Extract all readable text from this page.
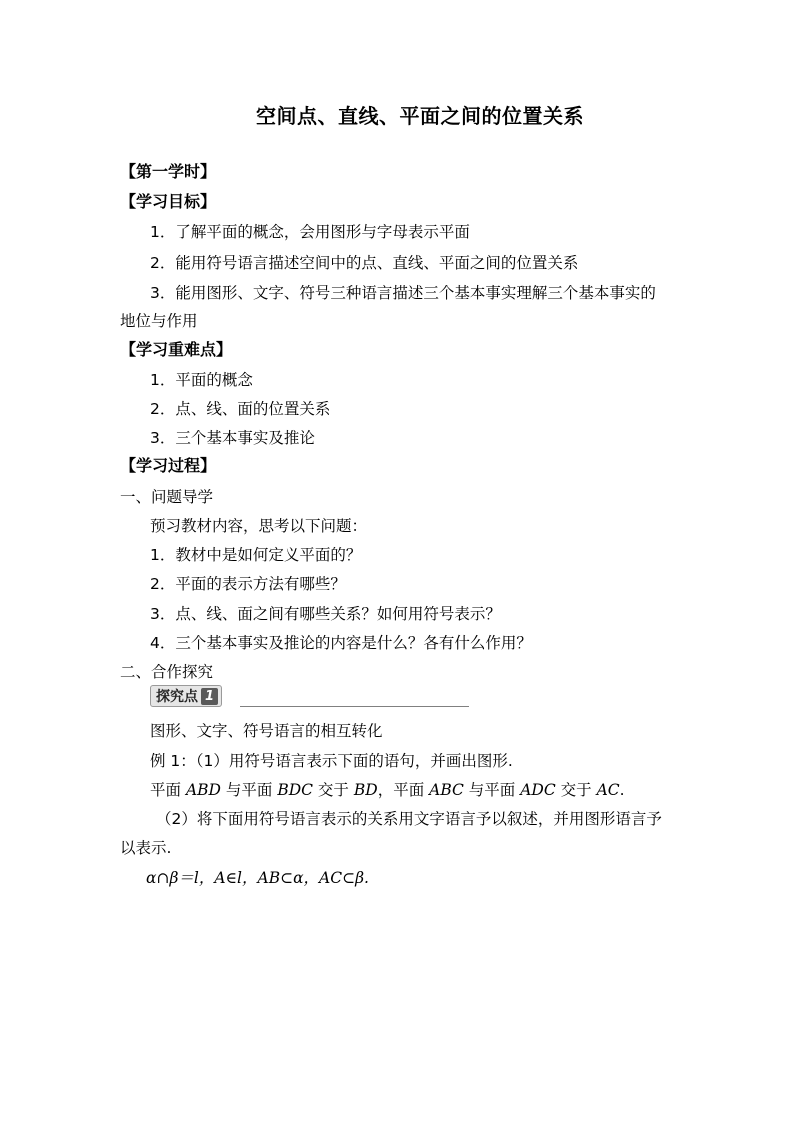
空间点、直线、平面之间的位置关系
【第一学时】
【学习目标】
1．了解平面的概念，会用图形与字母表示平面
2．能用符号语言描述空间中的点、直线、平面之间的位置关系
3．能用图形、文字、符号三种语言描述三个基本事实理解三个基本事实的
地位与作用
【学习重难点】
1．平面的概念
2．点、线、面的位置关系
3．三个基本事实及推论
【学习过程】
一、问题导学
预习教材内容，思考以下问题：
1．教材中是如何定义平面的？
2．平面的表示方法有哪些？
3．点、线、面之间有哪些关系？如何用符号表示？
4．三个基本事实及推论的内容是什么？各有什么作用？
二、合作探究
探究点 1
图形、文字、符号语言的相互转化
例 1：（1）用符号语言表示下面的语句，并画出图形.
平面 ABD 与平面 BDC 交于 BD，平面 ABC 与平面 ADC 交于 AC.
（2）将下面用符号语言表示的关系用文字语言予以叙述，并用图形语言予
以表示.
α∩β＝l，A∈l，AB⊂α，AC⊂β.
